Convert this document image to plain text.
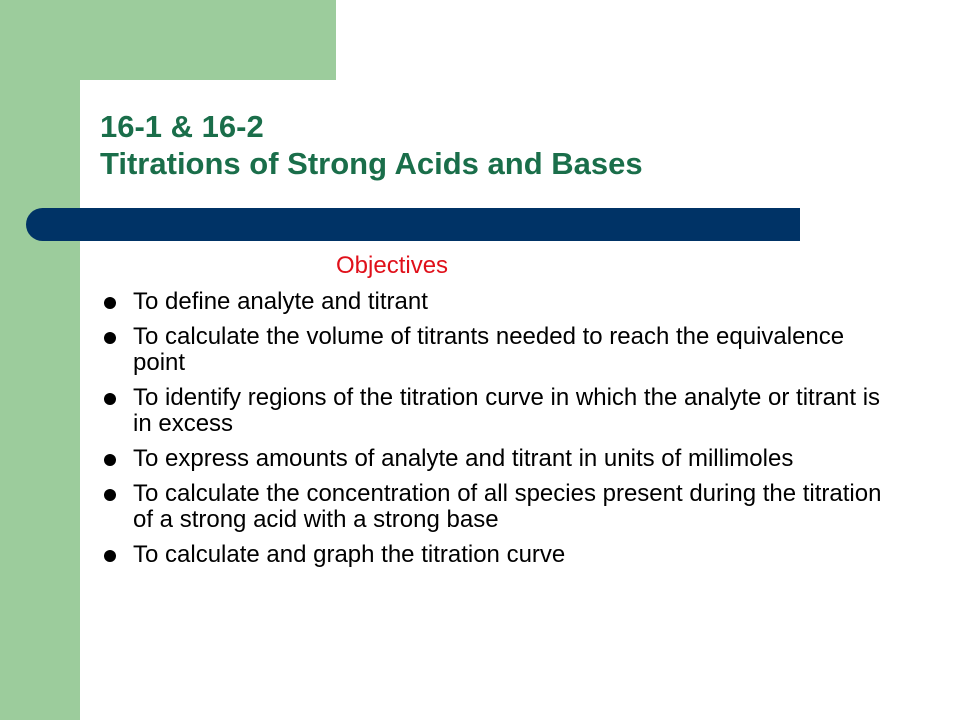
16-1 & 16-2
Titrations of Strong Acids and Bases
Objectives
To define analyte and titrant
To calculate the volume of titrants needed to reach the equivalence point
To identify regions of the titration curve in which the analyte or titrant is in excess
To express amounts of analyte and titrant in units of millimoles
To calculate the concentration of all species present during the titration of a strong acid with a strong base
To calculate and graph the titration curve
